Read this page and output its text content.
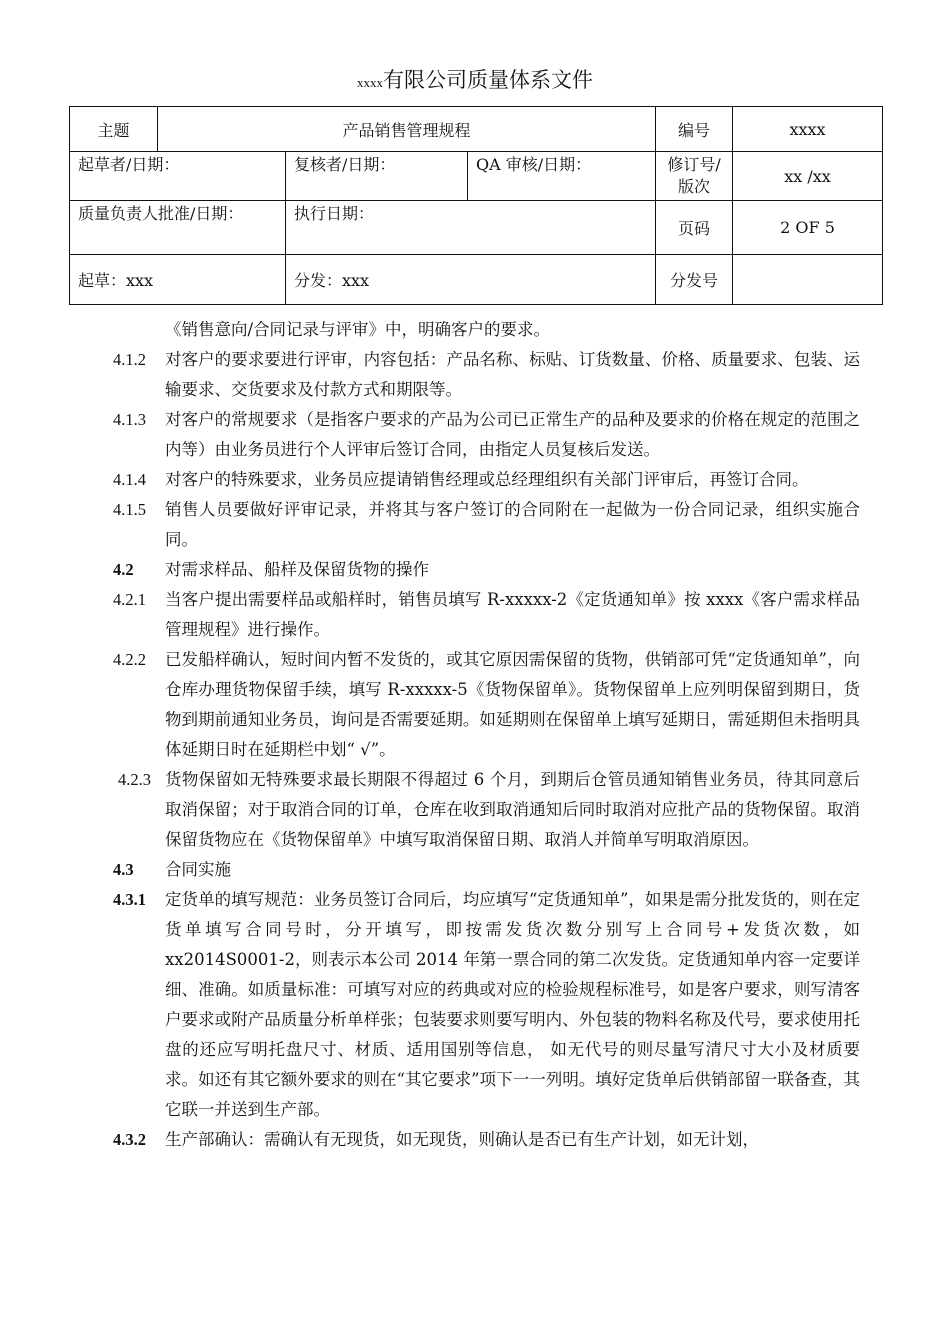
xxxx有限公司质量体系文件
主题	产品销售管理规程			编号	xxxx
起草者/日期：		复核者/日期：	QA 审核/日期：	修订号/版次	xx /xx
质量负责人批准/日期：		执行日期：		页码	2 OF 5
起草：xxx		分发：xxx		分发号	
《销售意向/合同记录与评审》中，明确客户的要求。
4.1.2 对客户的要求要进行评审，内容包括：产品名称、标贴、订货数量、价格、质量要求、包装、运输要求、交货要求及付款方式和期限等。
4.1.3 对客户的常规要求（是指客户要求的产品为公司已正常生产的品种及要求的价格在规定的范围之内等）由业务员进行个人评审后签订合同，由指定人员复核后发送。
4.1.4 对客户的特殊要求，业务员应提请销售经理或总经理组织有关部门评审后，再签订合同。
4.1.5 销售人员要做好评审记录，并将其与客户签订的合同附在一起做为一份合同记录，组织实施合同。
4.2 对需求样品、船样及保留货物的操作
4.2.1 当客户提出需要样品或船样时，销售员填写 R-xxxxx-2《定货通知单》按 xxxx《客户需求样品管理规程》进行操作。
4.2.2 已发船样确认，短时间内暂不发货的，或其它原因需保留的货物，供销部可凭“定货通知单”，向仓库办理货物保留手续，填写 R-xxxxx-5《货物保留单》。货物保留单上应列明保留到期日，货物到期前通知业务员，询问是否需要延期。如延期则在保留单上填写延期日，需延期但未指明具体延期日时在延期栏中划“ √”。
4.2.3 货物保留如无特殊要求最长期限不得超过 6 个月，到期后仓管员通知销售业务员，待其同意后取消保留；对于取消合同的订单，仓库在收到取消通知后同时取消对应批产品的货物保留。取消保留货物应在《货物保留单》中填写取消保留日期、取消人并简单写明取消原因。
4.3 合同实施
4.3.1 定货单的填写规范：业务员签订合同后，均应填写“定货通知单”，如果是需分批发货的，则在定货单填写合同号时，分开填写，即按需发货次数分别写上合同号+发货次数，如 xx2014S0001-2，则表示本公司 2014 年第一票合同的第二次发货。定货通知单内容一定要详细、准确。如质量标准：可填写对应的药典或对应的检验规程标准号，如是客户要求，则写清客户要求或附产品质量分析单样张；包装要求则要写明内、外包装的物料名称及代号，要求使用托盘的还应写明托盘尺寸、材质、适用国别等信息， 如无代号的则尽量写清尺寸大小及材质要求。如还有其它额外要求的则在“其它要求”项下一一列明。填好定货单后供销部留一联备查，其它联一并送到生产部。
4.3.2 生产部确认：需确认有无现货，如无现货，则确认是否已有生产计划，如无计划，
